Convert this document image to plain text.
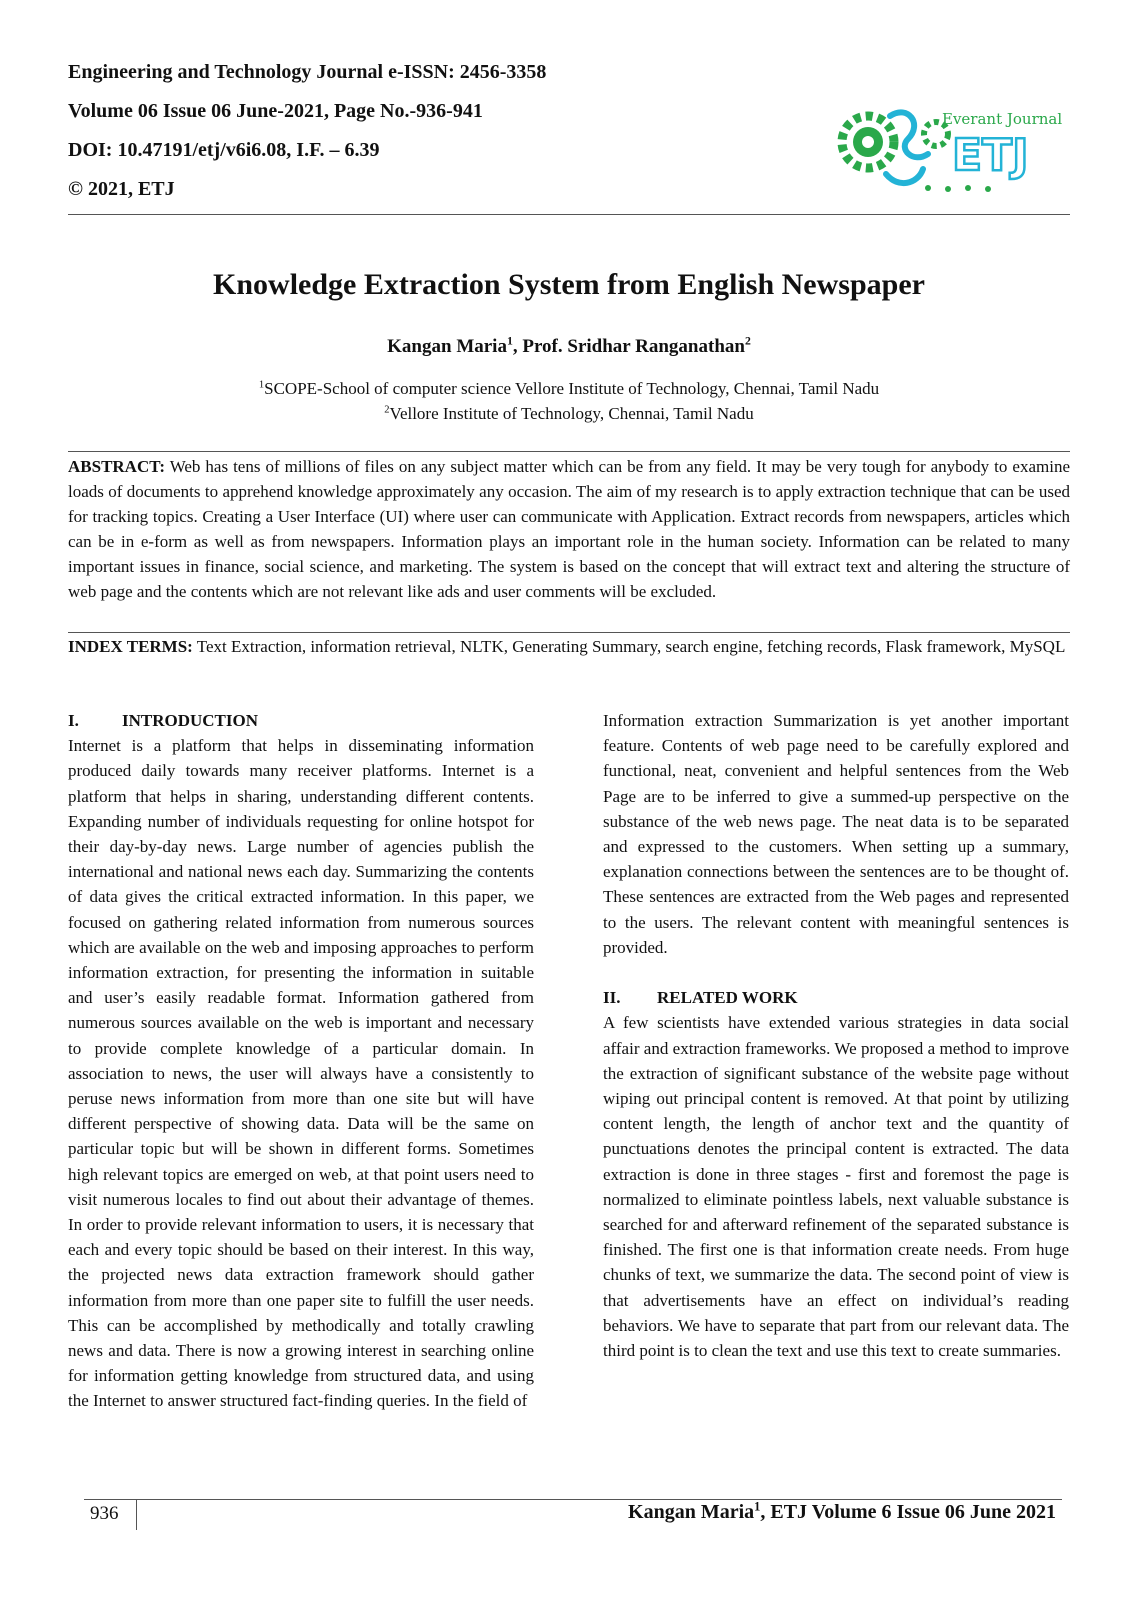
Engineering and Technology Journal e-ISSN: 2456-3358
Volume 06 Issue 06 June-2021, Page No.-936-941
DOI: 10.47191/etj/v6i6.08, I.F. – 6.39
© 2021, ETJ
Everant Journal
ETJ
Knowledge Extraction System from English Newspaper
Kangan Maria$^1$, Prof. Sridhar Ranganathan$^2$
$^1$SCOPE-School of computer science Vellore Institute of Technology, Chennai, Tamil Nadu
$^2$Vellore Institute of Technology, Chennai, Tamil Nadu
ABSTRACT: Web has tens of millions of files on any subject matter which can be from any field. It may be very tough for anybody to examine loads of documents to apprehend knowledge approximately any occasion. The aim of my research is to apply extraction technique that can be used for tracking topics. Creating a User Interface (UI) where user can communicate with Application. Extract records from newspapers, articles which can be in e-form as well as from newspapers. Information plays an important role in the human society. Information can be related to many important issues in finance, social science, and marketing. The system is based on the concept that will extract text and altering the structure of web page and the contents which are not relevant like ads and user comments will be excluded.
INDEX TERMS: Text Extraction, information retrieval, NLTK, Generating Summary, search engine, fetching records, Flask framework, MySQL
I.	INTRODUCTION

Internet is a platform that helps in disseminating information produced daily towards many receiver platforms. Internet is a platform that helps in sharing, understanding different contents. Expanding number of individuals requesting for online hotspot for their day-by-day news. Large number of agencies publish the international and national news each day. Summarizing the contents of data gives the critical extracted information. In this paper, we focused on gathering related information from numerous sources which are available on the web and imposing approaches to perform information extraction, for presenting the information in suitable and user’s easily readable format. Information gathered from numerous sources available on the web is important and necessary to provide complete knowledge of a particular domain. In association to news, the user will always have a consistently to peruse news information from more than one site but will have different perspective of showing data. Data will be the same on particular topic but will be shown in different forms. Sometimes high relevant topics are emerged on web, at that point users need to visit numerous locales to find out about their advantage of themes. In order to provide relevant information to users, it is necessary that each and every topic should be based on their interest. In this way, the projected news data extraction framework should gather information from more than one paper site to fulfill the user needs. This can be accomplished by methodically and totally crawling news and data. There is now a growing interest in searching online for information getting knowledge from structured data, and using the Internet to answer structured fact-finding queries. In the field of

Information extraction Summarization is yet another important feature. Contents of web page need to be carefully explored and functional, neat, convenient and helpful sentences from the Web Page are to be inferred to give a summed-up perspective on the substance of the web news page. The neat data is to be separated and expressed to the customers. When setting up a summary, explanation connections between the sentences are to be thought of. These sentences are extracted from the Web pages and represented to the users. The relevant content with meaningful sentences is provided.

II.	RELATED WORK

A few scientists have extended various strategies in data social affair and extraction frameworks. We proposed a method to improve the extraction of significant substance of the website page without wiping out principal content is removed. At that point by utilizing content length, the length of anchor text and the quantity of punctuations denotes the principal content is extracted. The data extraction is done in three stages - first and foremost the page is normalized to eliminate pointless labels, next valuable substance is searched for and afterward refinement of the separated substance is finished. The first one is that information create needs. From huge chunks of text, we summarize the data. The second point of view is that advertisements have an effect on individual’s reading behaviors. We have to separate that part from our relevant data. The third point is to clean the text and use this text to create summaries.

936	Kangan Maria$^1$, ETJ Volume 6 Issue 06 June 2021
